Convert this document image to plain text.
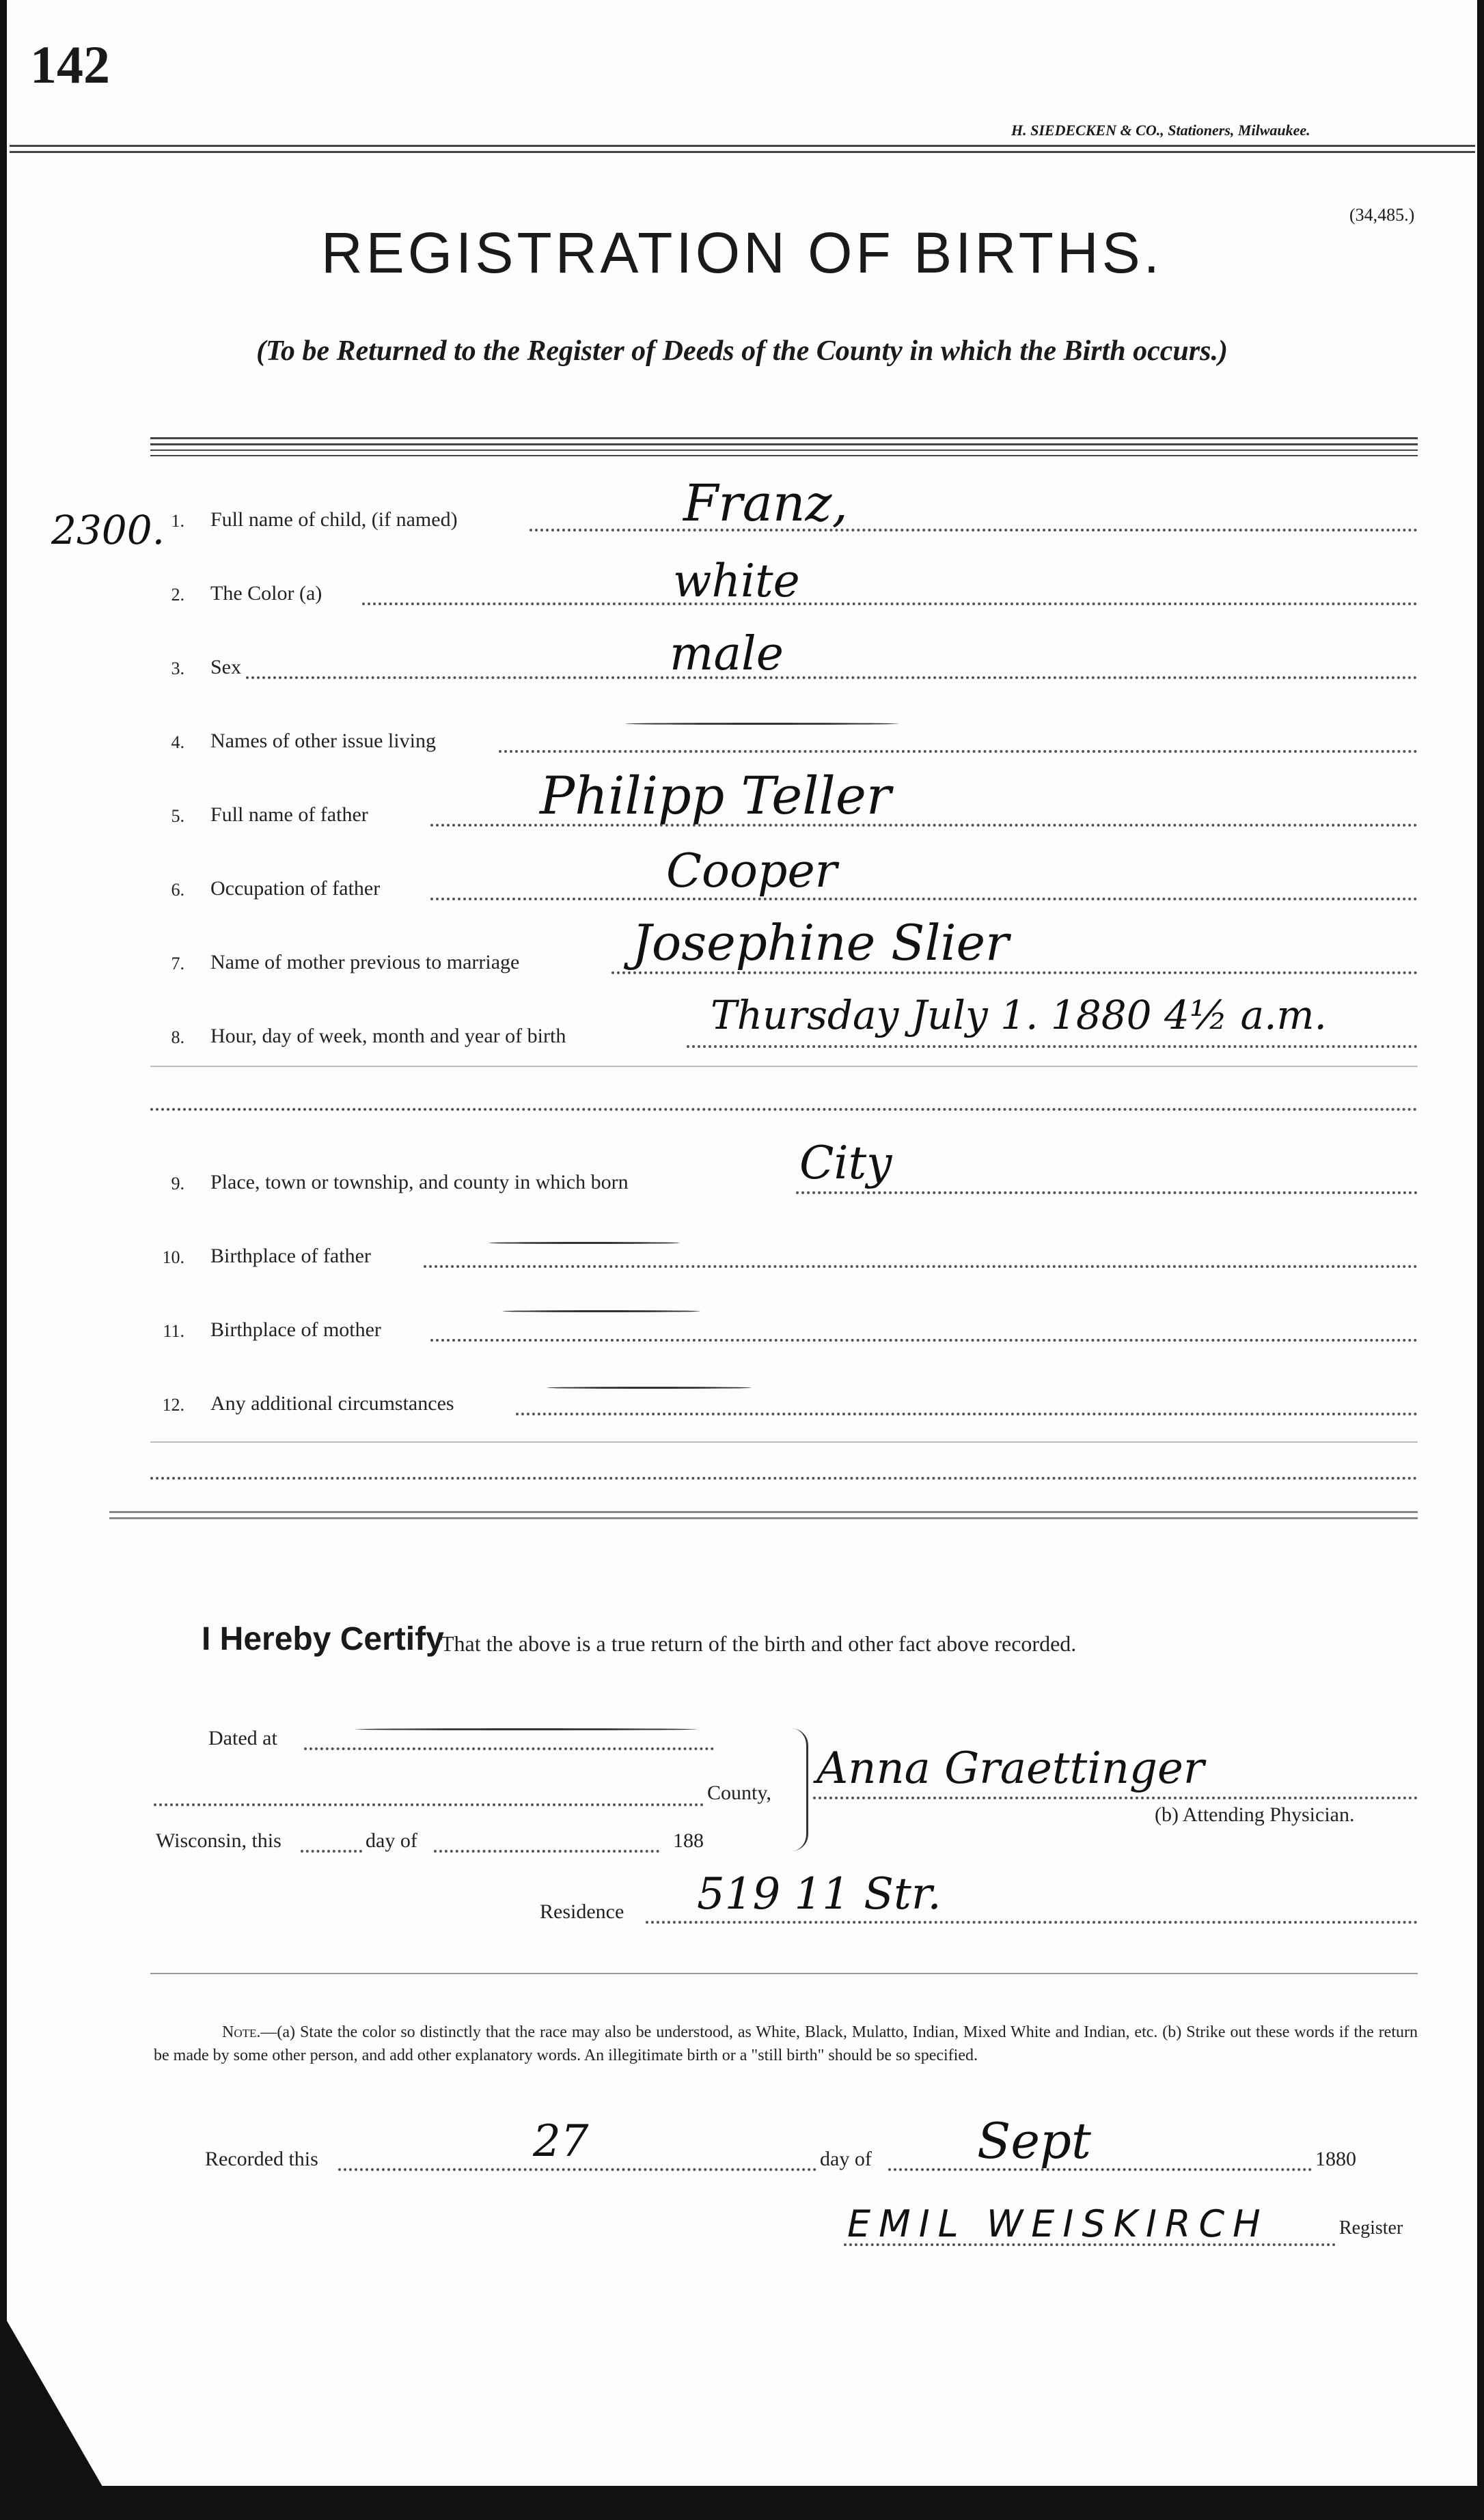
142
H. SIEDECKEN & CO., Stationers, Milwaukee.
(34,485.)
REGISTRATION OF BIRTHS.
(To be Returned to the Register of Deeds of the County in which the Birth occurs.)
2300. 1. Full name of child, (if named)	Franz,
2. The Color (a)	white
3. Sex	male
4. Names of other issue living
5. Full name of father	Philipp Teller
6. Occupation of father	Cooper
7. Name of mother previous to marriage Josephine Slier
8. Hour, day of week, month and year of birth	Thursday July 1. 1880 4½ a.m.
9. Place, town or township, and county in which born	City
10. Birthplace of father
11. Birthplace of mother
12. Any additional circumstances
I Hereby Certify
That the above is a true return of the birth and other fact above recorded.
Dated at
County,
Wisconsin, this	day of	188
Anna Graettinger
(b) Attending Physician.
Residence 519 11 Str.
Note.—(a) State the color so distinctly that the race may also be understood, as White, Black, Mulatto, Indian, Mixed White and Indian, etc. (b) Strike out these words if the return be made by some other person, and add other explanatory words. An illegitimate birth or a "still birth" should be so specified.
Recorded this	27	day of Sept	1880
EMIL WEISKIRCH	Register
